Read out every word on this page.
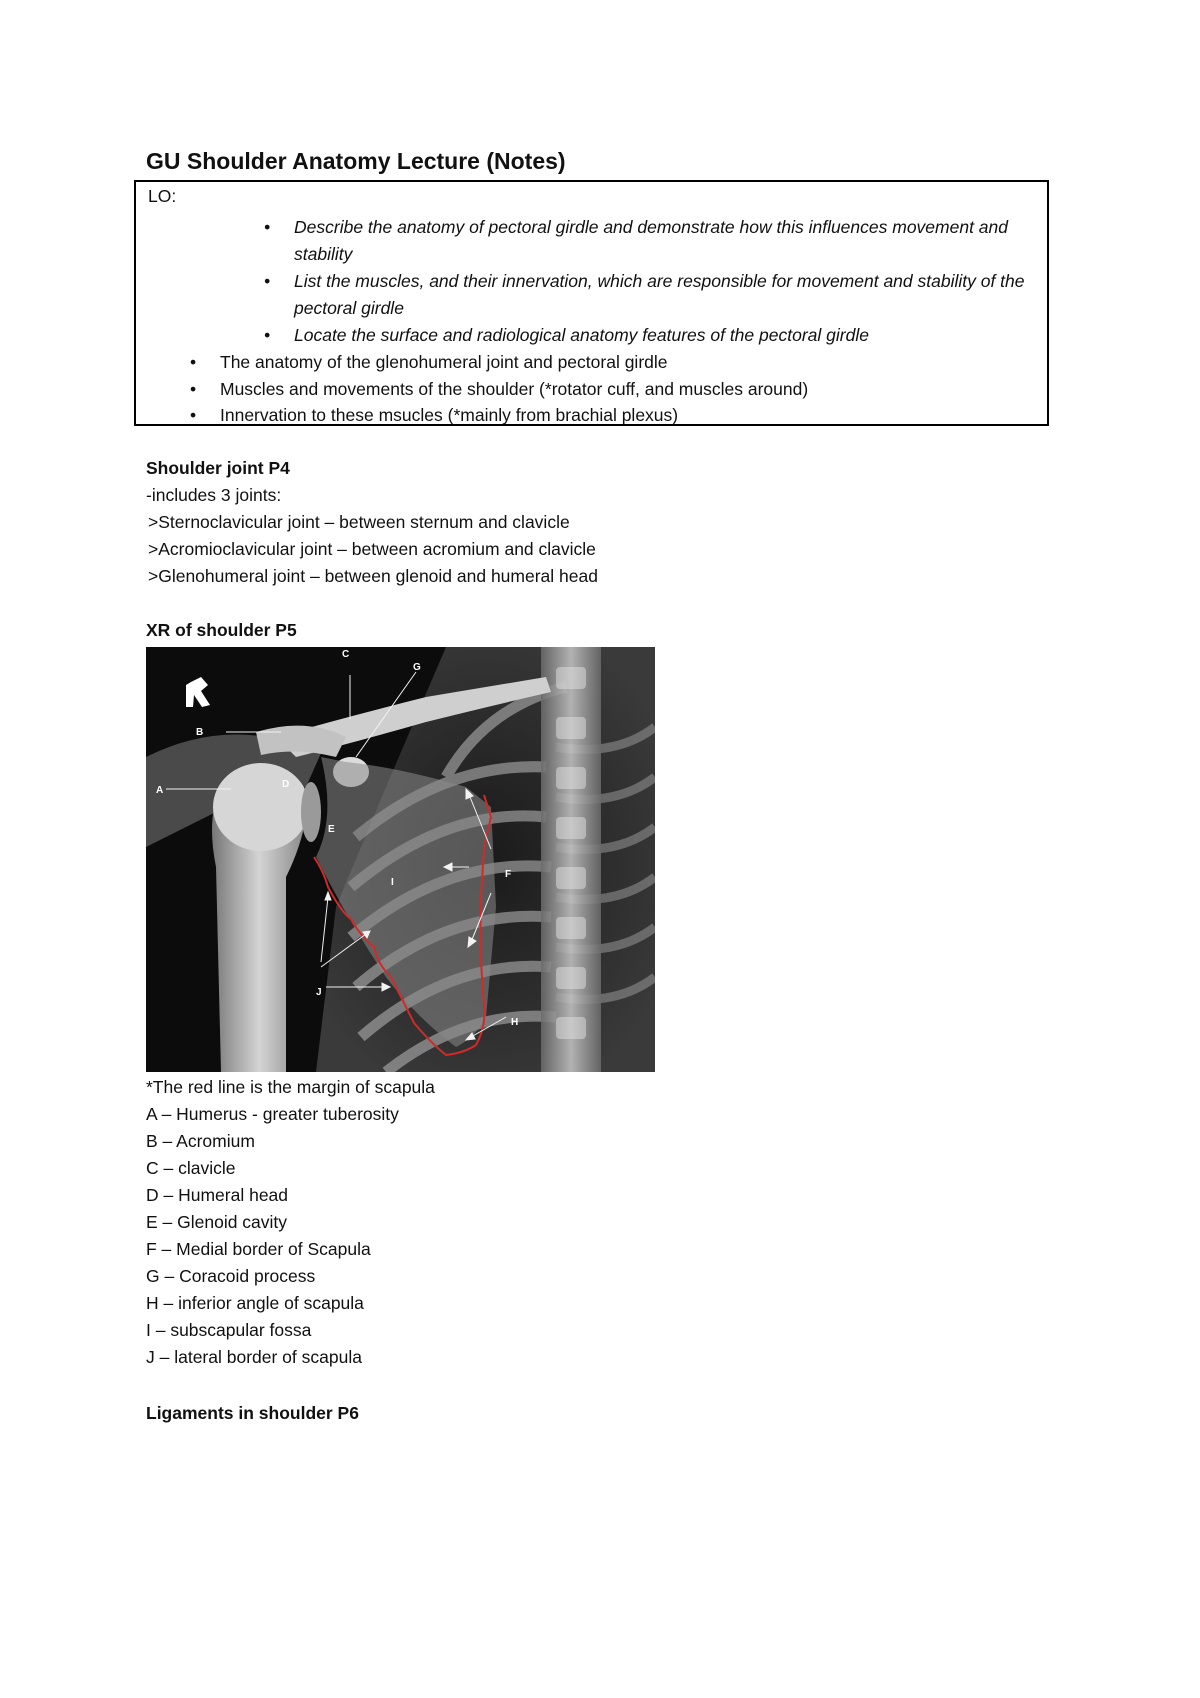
GU Shoulder Anatomy Lecture (Notes)
LO:
• Describe the anatomy of pectoral girdle and demonstrate how this influences movement and stability
• List the muscles, and their innervation, which are responsible for movement and stability of the pectoral girdle
• Locate the surface and radiological anatomy features of the pectoral girdle
• The anatomy of the glenohumeral joint and pectoral girdle
• Muscles and movements of the shoulder (*rotator cuff, and muscles around)
• Innervation to these msucles (*mainly from brachial plexus)
Shoulder joint P4
-includes 3 joints:
>Sternoclavicular joint – between sternum and clavicle
>Acromioclavicular joint – between acromium and clavicle
>Glenohumeral joint – between glenoid and humeral head
XR of shoulder P5
A
B
C
D
E
F
G
H
I
J
*The red line is the margin of scapula
A – Humerus - greater tuberosity
B – Acromium
C – clavicle
D – Humeral head
E – Glenoid cavity
F – Medial border of Scapula
G – Coracoid process
H – inferior angle of scapula
I – subscapular fossa
J – lateral border of scapula
Ligaments in shoulder P6
